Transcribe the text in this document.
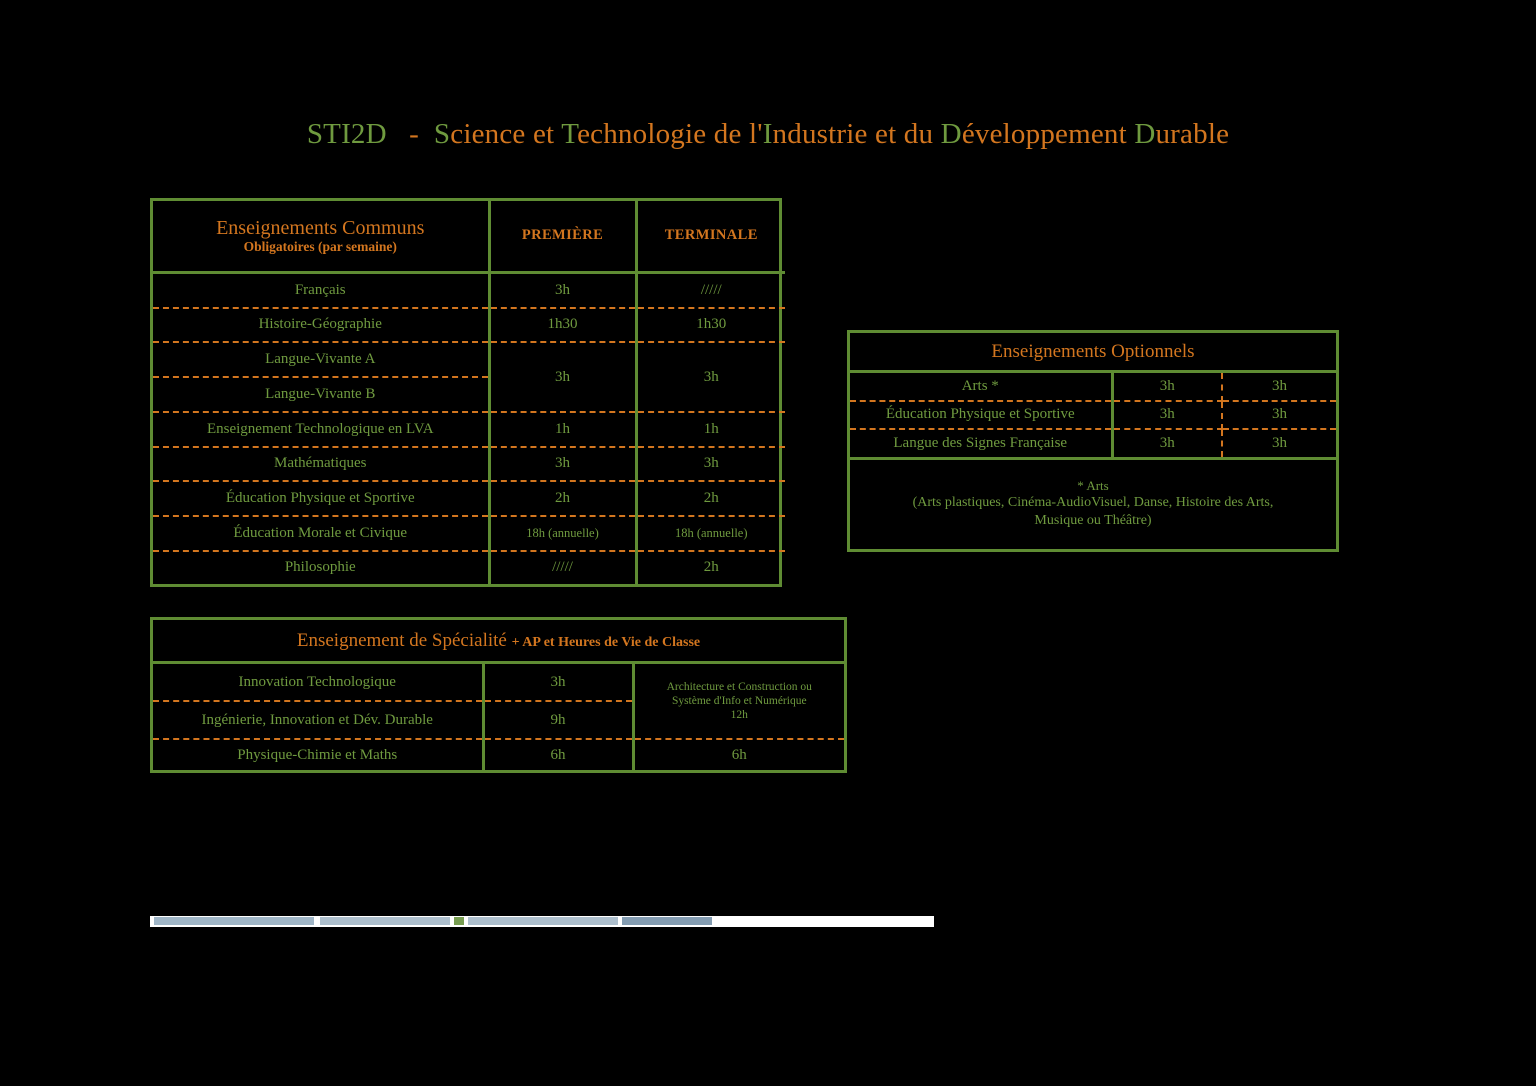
STI2D   -  Science et Technologie de l'Industrie et du Développement Durable
Enseignements Communs
Obligatoires (par semaine)	PREMIÈRE	TERMINALE
Français	3h	/////
Histoire-Géographie	1h30	1h30
Langue-Vivante A	3h	3h
Langue-Vivante B		
Enseignement Technologique en LVA	1h	1h
Mathématiques	3h	3h
Éducation Physique et Sportive	2h	2h
Éducation Morale et Civique	18h (annuelle)	18h (annuelle)
Philosophie	/////	2h
Enseignements Optionnels		
Arts *	3h	3h
Éducation Physique et Sportive	3h	3h
Langue des Signes Française	3h	3h

* Arts
(Arts plastiques, Cinéma-AudioVisuel, Danse, Histoire des Arts,
Musique ou Théâtre)		
Enseignement de Spécialité + AP et Heures de Vie de Classe		
Innovation Technologique	3h	Architecture et Construction ou
Système d'Info et Numérique
12h

Ingénierie, Innovation et Dév. Durable	9h	
Physique-Chimie et Maths	6h	6h
